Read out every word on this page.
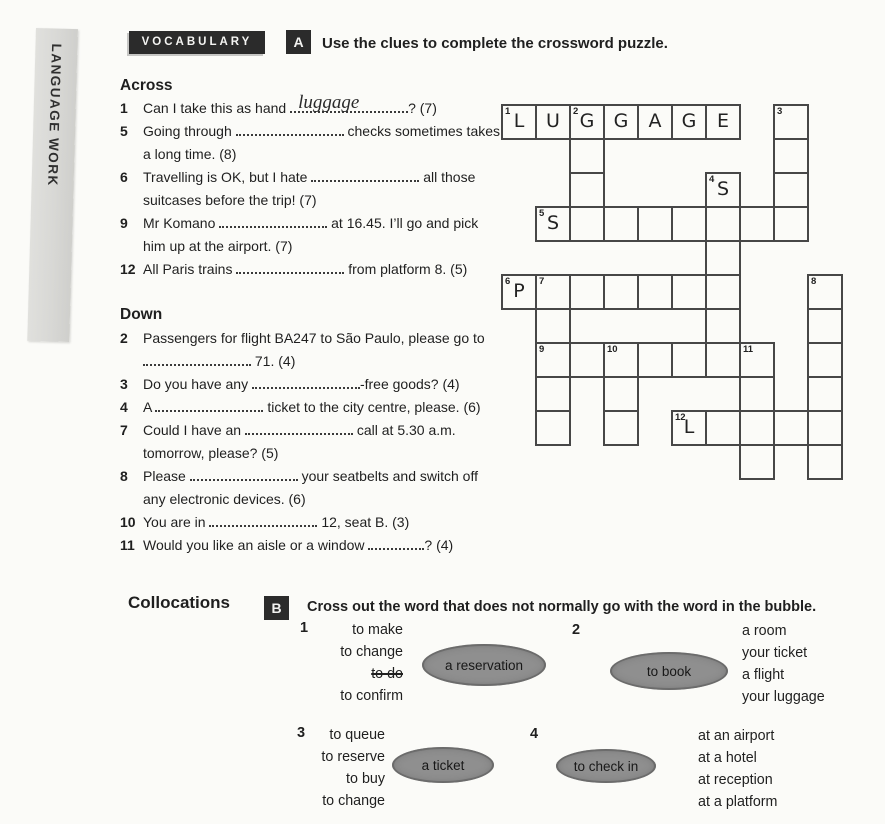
LANGUAGE WORK
VOCABULARY	A	Use the clues to complete the crossword puzzle.
Across
1	Can I take this as hand luggage	? (7)
5	Going through	checks sometimes takes a long time. (8)
6	Travelling is OK, but I hate	all those suitcases before the trip! (7)
9	Mr Komano	at 16.45. I’ll go and pick him up at the airport. (7)
12 All Paris trains	from platform 8. (5)
Down
2	Passengers for flight BA247 to São Paulo, please go to  71. (4)
3	Do you have any	-free goods? (4)
4	A	ticket to the city centre, please. (6)
7	Could I have an	call at 5.30 a.m. tomorrow, please? (5)
8	Please	your seatbelts and switch off any electronic devices. (6)
10 You are in	12, seat B. (3)
11 Would you like an aisle or a window	? (4)
1 L	U	2 G	G	A	G	E	3
4 S
5 S
6 P	7	8
9	10	11
12
L
Collocations	B	Cross out the word that does not normally go with the word in the bubble.
1	to make
to change
to do
to confirm
a reservation
2
to book
a room
your ticket
a flight
your luggage
3	to queue
to reserve
to buy
to change
a ticket
4
to check in
at an airport
at a hotel
at reception
at a platform
